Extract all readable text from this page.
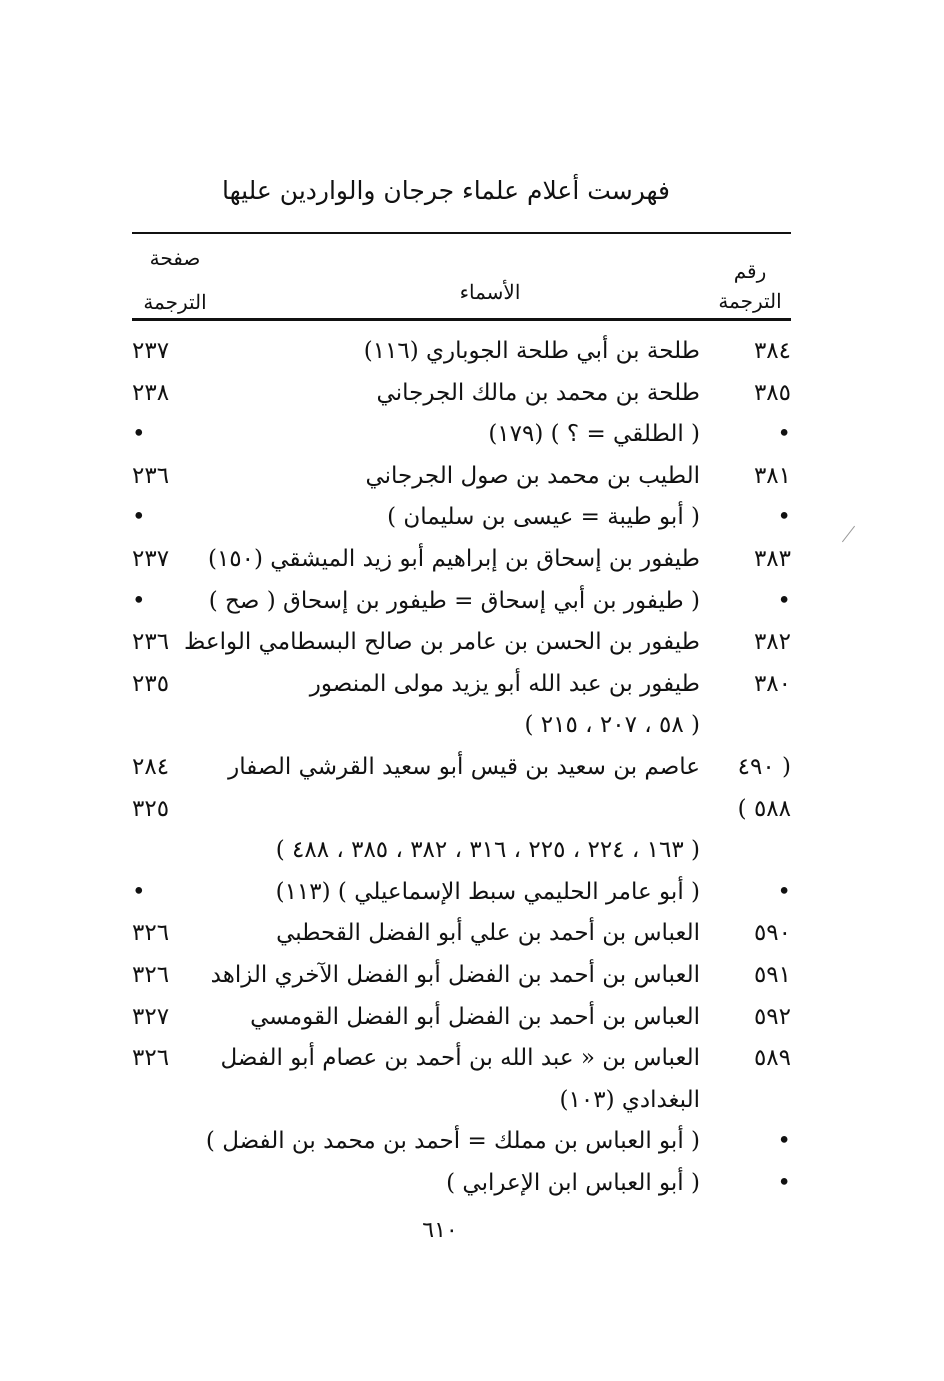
فهرست أعلام علماء جرجان والواردين عليها
رقم
الترجمة
الأسماء
صفحة
الترجمة
٣٨٤
طلحة بن أبي طلحة الجوباري (١١٦)
٢٣٧
٣٨٥
طلحة بن محمد بن مالك الجرجاني
٢٣٨
•
( الطلقي = ؟ ) (١٧٩)
•
٣٨١
الطيب بن محمد بن صول الجرجاني
٢٣٦
•
( أبو طيبة = عيسى بن سليمان )
•
٣٨٣
طيفور بن إسحاق بن إبراهيم أبو زيد الميشقي (١٥٠)
٢٣٧
•
( طيفور بن أبي إسحاق = طيفور بن إسحاق ( صح )
•
٣٨٢
طيفور بن الحسن بن عامر بن صالح البسطامي الواعظ
٢٣٦
٣٨٠
طيفور بن عبد الله أبو يزيد مولى المنصور
٢٣٥
( ٥٨ ، ٢٠٧ ، ٢١٥ )
( ٤٩٠
عاصم بن سعيد بن قيس أبو سعيد القرشي الصفار
٢٨٤
٥٨٨ )
٣٢٥
( ١٦٣ ، ٢٢٤ ، ٢٢٥ ، ٣١٦ ، ٣٨٢ ، ٣٨٥ ، ٤٨٨ )
•
( أبو عامر الحليمي سبط الإسماعيلي ) (١١٣)
•
٥٩٠
العباس بن أحمد بن علي أبو الفضل القحطبي
٣٢٦
٥٩١
العباس بن أحمد بن الفضل أبو الفضل الآخري الزاهد
٣٢٦
٥٩٢
العباس بن أحمد بن الفضل أبو الفضل القومسي
٣٢٧
٥٨٩
العباس بن « عبد الله بن أحمد بن عصام أبو الفضل
٣٢٦
البغدادي (١٠٣)
•
( أبو العباس بن مملك = أحمد بن محمد بن الفضل )
•
( أبو العباس ابن الإعرابي )
٦١٠
